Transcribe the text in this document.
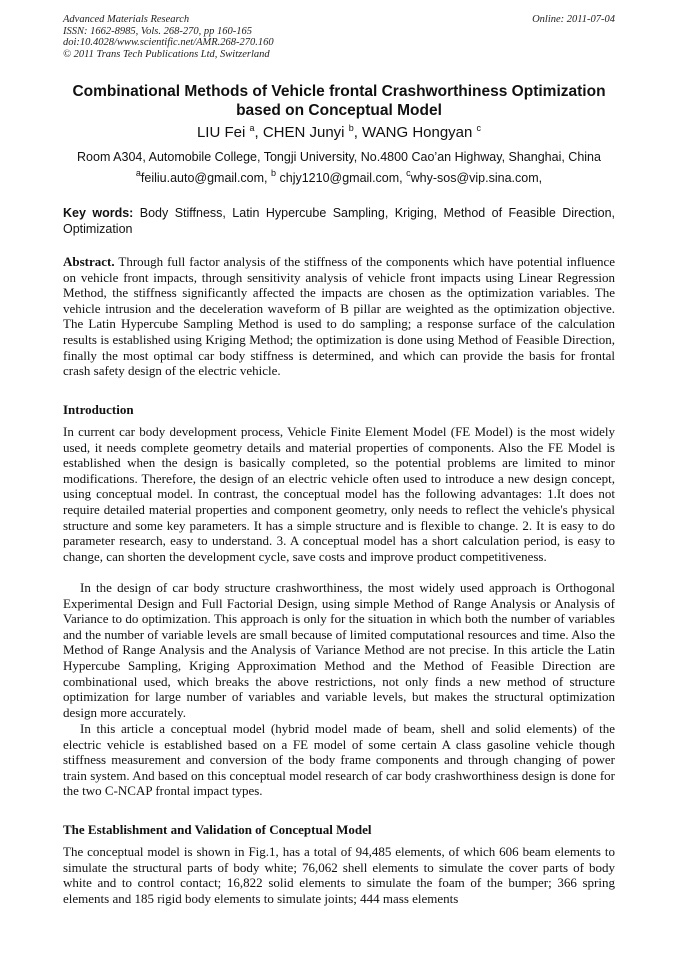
Advanced Materials Research
ISSN: 1662-8985, Vols. 268-270, pp 160-165
doi:10.4028/www.scientific.net/AMR.268-270.160
© 2011 Trans Tech Publications Ltd, Switzerland
Online: 2011-07-04
Combinational Methods of Vehicle frontal Crashworthiness Optimization
based on Conceptual Model
LIU Fei $^a$, CHEN Junyi $^b$, WANG Hongyan $^c$
Room A304, Automobile College, Tongji University, No.4800 Cao’an Highway, Shanghai, China
$^a$feiliu.auto@gmail.com, $^b$ chjy1210@gmail.com, $^c$why-sos@vip.sina.com,
Key words: Body Stiffness, Latin Hypercube Sampling, Kriging, Method of Feasible Direction, Optimization
Abstract. Through full factor analysis of the stiffness of the components which have potential influence on vehicle front impacts, through sensitivity analysis of vehicle front impacts using Linear Regression Method, the stiffness significantly affected the impacts are chosen as the optimization variables. The vehicle intrusion and the deceleration waveform of B pillar are weighted as the optimization objective. The Latin Hypercube Sampling Method is used to do sampling; a response surface of the calculation results is established using Kriging Method; the optimization is done using Method of Feasible Direction, finally the most optimal car body stiffness is determined, and which can provide the basis for frontal crash safety design of the electric vehicle.
Introduction
In current car body development process, Vehicle Finite Element Model (FE Model) is the most widely used, it needs complete geometry details and material properties of components. Also the FE Model is established when the design is basically completed, so the potential problems are limited to minor modifications. Therefore, the design of an electric vehicle often used to introduce a new design concept, using conceptual model. In contrast, the conceptual model has the following advantages: 1.It does not require detailed material properties and component geometry, only needs to reflect the vehicle's physical structure and some key parameters. It has a simple structure and is flexible to change. 2. It is easy to do parameter research, easy to understand. 3. A conceptual model has a short calculation period, is easy to change, can shorten the development cycle, save costs and improve product competitiveness.
In the design of car body structure crashworthiness, the most widely used approach is Orthogonal Experimental Design and Full Factorial Design, using simple Method of Range Analysis or Analysis of Variance to do optimization. This approach is only for the situation in which both the number of variables and the number of variable levels are small because of limited computational resources and time. Also the Method of Range Analysis and the Analysis of Variance Method are not precise. In this article the Latin Hypercube Sampling, Kriging Approximation Method and the Method of Feasible Direction are combinational used, which breaks the above restrictions, not only finds a new method of structure optimization for large number of variables and variable levels, but makes the structural optimization design more accurately.
In this article a conceptual model (hybrid model made of beam, shell and solid elements) of the electric vehicle is established based on a FE model of some certain A class gasoline vehicle though stiffness measurement and conversion of the body frame components and through changing of power train system. And based on this conceptual model research of car body crashworthiness design is done for the two C-NCAP frontal impact types.
The Establishment and Validation of Conceptual Model
The conceptual model is shown in Fig.1, has a total of 94,485 elements, of which 606 beam elements to simulate the structural parts of body white; 76,062 shell elements to simulate the cover parts of body white and to control contact; 16,822 solid elements to simulate the foam of the bumper; 366 spring elements and 185 rigid body elements to simulate joints; 444 mass elements
